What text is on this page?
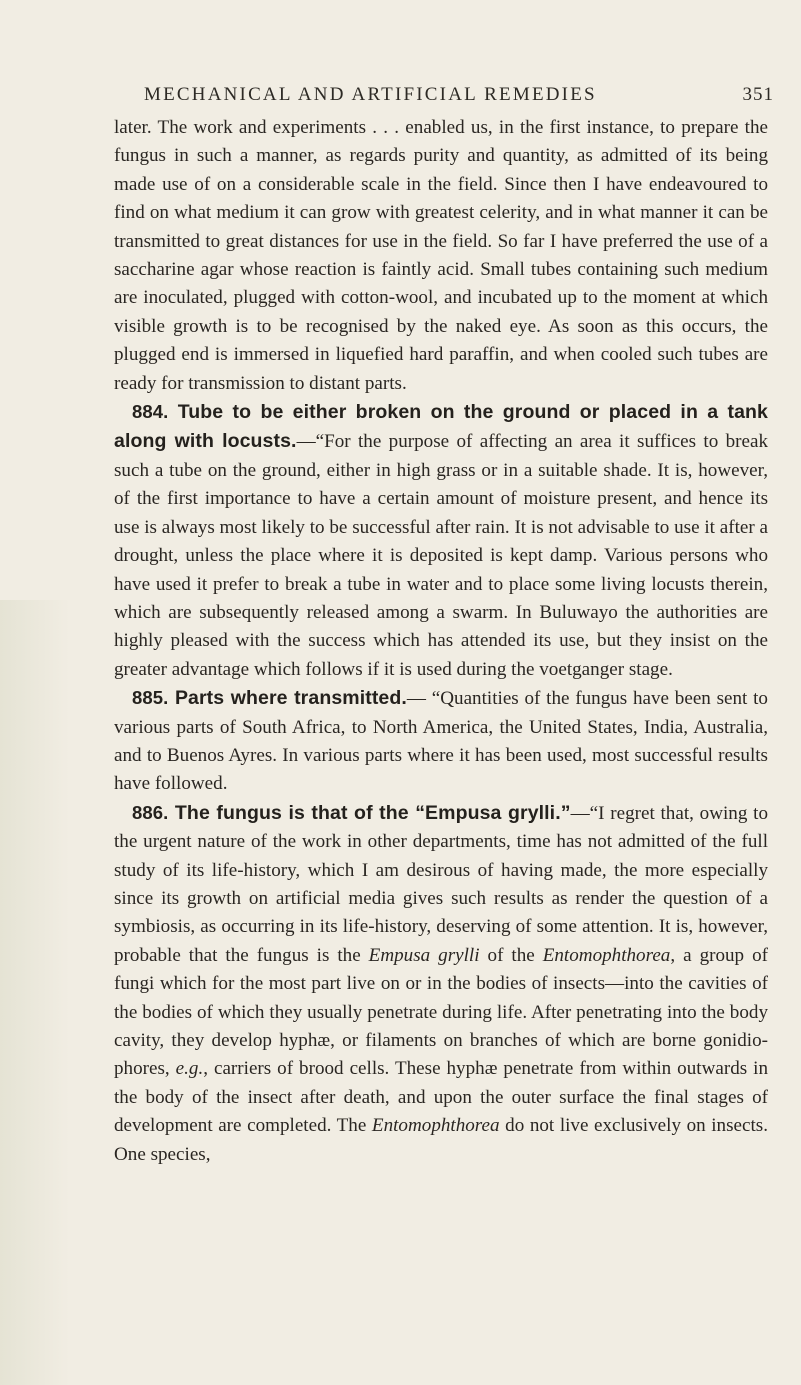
MECHANICAL AND ARTIFICIAL REMEDIES	351

later. The work and experiments . . . enabled us, in the first instance, to prepare the fungus in such a manner, as regards purity and quantity, as admitted of its being made use of on a considerable scale in the field. Since then I have endeavoured to find on what medium it can grow with greatest celerity, and in what manner it can be transmitted to great distances for use in the field. So far I have preferred the use of a saccharine agar whose reaction is faintly acid. Small tubes containing such medium are inoculated, plugged with cotton-wool, and incubated up to the moment at which visible growth is to be recognised by the naked eye. As soon as this occurs, the plugged end is immersed in liquefied hard paraffin, and when cooled such tubes are ready for transmission to distant parts.

884. Tube to be either broken on the ground or placed in a tank along with locusts.—“For the purpose of affecting an area it suffices to break such a tube on the ground, either in high grass or in a suitable shade. It is, however, of the first importance to have a certain amount of moisture present, and hence its use is always most likely to be successful after rain. It is not advisable to use it after a drought, unless the place where it is deposited is kept damp. Various persons who have used it prefer to break a tube in water and to place some living locusts therein, which are subsequently released among a swarm. In Buluwayo the authorities are highly pleased with the success which has attended its use, but they insist on the greater advantage which follows if it is used during the voetganger stage.

885. Parts where transmitted.— “Quantities of the fungus have been sent to various parts of South Africa, to North America, the United States, India, Australia, and to Buenos Ayres. In various parts where it has been used, most successful results have followed.

886. The fungus is that of the “Empusa grylli.”—“I regret that, owing to the urgent nature of the work in other departments, time has not admitted of the full study of its life-history, which I am desirous of having made, the more especially since its growth on artificial media gives such results as render the question of a symbiosis, as occurring in its life-history, deserving of some attention. It is, however, probable that the fungus is the Empusa grylli of the Entomophthorea, a group of fungi which for the most part live on or in the bodies of insects—into the cavities of the bodies of which they usually penetrate during life. After penetrating into the body cavity, they develop hyphæ, or filaments on branches of which are borne gonidio-phores, e.g., carriers of brood cells. These hyphæ penetrate from within outwards in the body of the insect after death, and upon the outer surface the final stages of development are completed. The Entomophthorea do not live exclusively on insects. One species,
